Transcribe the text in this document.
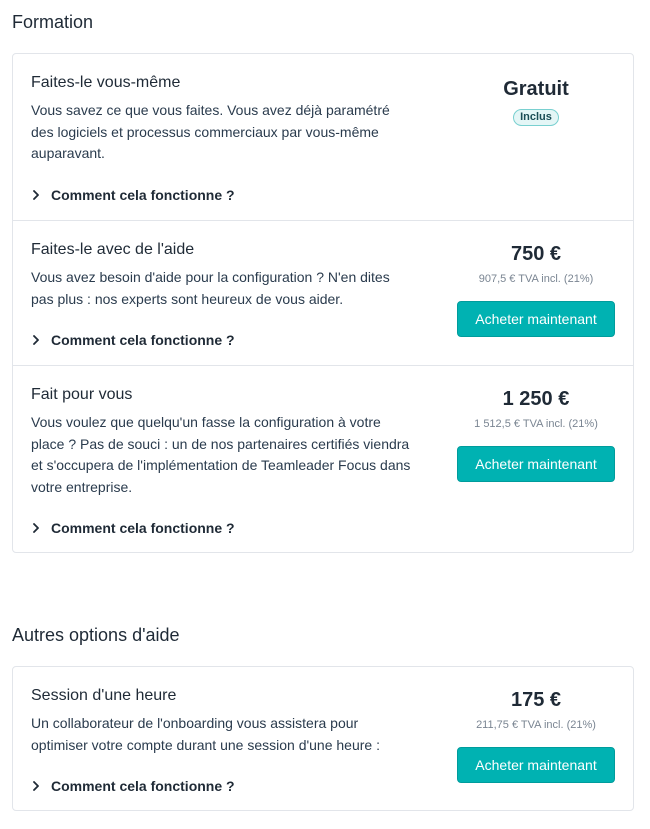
Formation
Faites-le vous-même
Vous savez ce que vous faites. Vous avez déjà paramétré des logiciels et processus commerciaux par vous-même auparavant.
Comment cela fonctionne ?
Gratuit
Inclus
Faites-le avec de l'aide
Vous avez besoin d'aide pour la configuration ? N'en dites pas plus : nos experts sont heureux de vous aider.
Comment cela fonctionne ?
750 €
907,5 € TVA incl. (21%)
Acheter maintenant
Fait pour vous
Vous voulez que quelqu'un fasse la configuration à votre place ? Pas de souci : un de nos partenaires certifiés viendra et s'occupera de l'implémentation de Teamleader Focus dans votre entreprise.
Comment cela fonctionne ?
1 250 €
1 512,5 € TVA incl. (21%)
Acheter maintenant
Autres options d'aide
Session d'une heure
Un collaborateur de l'onboarding vous assistera pour optimiser votre compte durant une session d'une heure :
Comment cela fonctionne ?
175 €
211,75 € TVA incl. (21%)
Acheter maintenant
